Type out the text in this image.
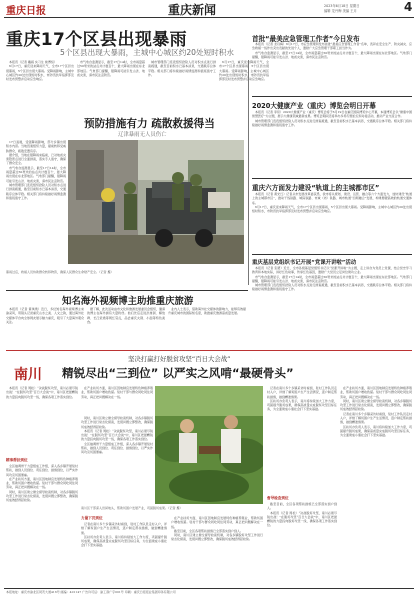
重庆日报	重庆新闻	2023年6月18日 星期日
编辑 龙丹梅 美编 王月	4
重庆17个区县出现暴雨
5个区县出现大暴雨，主城中心城区约20处短时积水

本报讯（记者 戴娟 实习生 姚博恒）

6月17日，重庆迎来降雨天气，全市17个区县出现暴雨，5个区县出现大暴雨。受降雨影响，主城中心城区约20处出现短时积水，市防汛抗旱指挥部及时发布预警并启动应急响应。

市气象台监测显示，截至17日14时，全市雨量超过50毫米的站点共计数百个，最大降雨出现在东北部地区。气象部门提醒，强降雨可能引发山洪、地质灾害，请市民注意防范。

城市管理部门连夜组织抢险人员对积水点进行排查疏通，截至目前积水已基本消退，交通秩序总体平稳。相关部门将持续做好雨情监测和值班值守工作。

6月17日，重庆迎来降雨天气，全市17个区县出现暴雨，5个区县出现大暴雨。受降雨影响，主城中心城区约20处出现短时积水，市防汛抗旱指挥部及时发布预警并启动应急响应。

预防措施有力 疏散救援得当
辽津暴雨无人员伤亡

17日凌晨，受强降雨影响，部分乡镇出现积水内涝。当地迅速组织力量，提前转移受威胁群众，疏散安置有序。

据介绍，当地在强降雨来临前，已对地质灾害隐患点进行全面排查，落实专人值守，确保了群众安全。

市气象台监测显示，截至17日14时，全市雨量超过50毫米的站点共计数百个，最大降雨出现在东北部地区。气象部门提醒，强降雨可能引发山洪、地质灾害，请市民注意防范。

城市管理部门连夜组织抢险人员对积水点进行排查疏通，截至目前积水已基本消退，交通秩序总体平稳。相关部门将持续做好雨情监测和值班值守工作。

暴雨过后，救援人员协助群众转移物资，确保人民群众生命财产安全。（记者 摄）
首批“最美应急管理工作者”今日发布

本报讯（记者 龙丹梅）6月17日，市应急管理局发布首批“最美应急管理工作者”名单，表彰在安全生产、防灾减灾、应急救援一线作出突出贡献的先进个人，激励广大应急管理干部职工担当作为。

市气象台监测显示，截至17日14时，全市雨量超过50毫米的站点共计数百个，最大降雨出现在东北部地区。气象部门提醒，强降雨可能引发山洪、地质灾害，请市民注意防范。

2020大健康产业（重庆）博览会明日开幕

本报讯（记者 李珩）2020大健康产业（重庆）博览会将于6月19日在重庆国际博览中心开幕，本届博览会以“健康中国 智慧医疗”为主题，展示大健康领域最新成果。博览会期间还将举办多场专题论坛和对接活动，推动产业交流合作。

城市管理部门连夜组织抢险人员对积水点进行排查疏通，截至目前积水已基本消退，交通秩序总体平稳。相关部门将持续做好雨情监测和值班值守工作。

重庆六方面发力建设“轨道上的主城都市区”

本报讯（记者 黄光红）记者从市发展改革委获悉，我市将从规划、建设、运营、融合等六个方面发力，加快建设“轨道上的主城都市区”，推动干线铁路、城际铁路、市域（郊）铁路、城市轨道“四网融合”发展，构建便捷高效的轨道交通体系。

6月17日，重庆迎来降雨天气，全市17个区县出现暴雨，5个区县出现大暴雨。受降雨影响，主城中心城区约20处出现短时积水，市防汛抗旱指挥部及时发布预警并启动应急响应。

重庆基层党组织书记开展“党课开讲啦”活动

本报讯（记者 张珺）近日，全市各级基层党组织书记以“党课开讲啦”为主题，走上讲台为党员上党课，结合党史学习教育和本地实际，讲好红色故事，传承红色基因，激励广大党员立足岗位建功立业。

市气象台监测显示，截至17日14时，全市雨量超过50毫米的站点共计数百个，最大降雨出现在东北部地区。气象部门提醒，强降雨可能引发山洪、地质灾害，请市民注意防范。

城市管理部门连夜组织抢险人员对积水点进行排查疏通，截至目前积水已基本消退，交通秩序总体平稳。相关部门将持续做好雨情监测和值班值守工作。

知名海外视频博主助推重庆旅游

本报讯（记者 黄琪奥）近日，多位知名海外视频博主来渝采风，用镜头记录重庆山水之美、人文之韵，通过海外社交媒体平台向全球网友展示魅力重庆，吸引了大量海外观众关注。

据了解，此次活动由市文化和旅游发展委员会组织，邀请的博主在海外拥有大量粉丝。他们先后走进洪崖洞、解放碑、长江索道等网红景点，品尝重庆火锅、小面等特色美食。

业内人士表示，借助海外社交媒体的影响力，能够有效提升重庆城市的国际知名度，助推重庆旅游高质量发展。

坚决打赢打好脱贫攻坚“百日大会战”
南川 精锐尽出“三到位” 以严实之风啃“最硬骨头”

本报讯（记者 周松）“决战脱贫攻坚，南川必须尽锐出战！”在脱贫攻坚“百日大会战”中，南川区把最精锐的力量投向脱贫攻坚一线，确保各项工作落实到位。

精准帮扶到位

全区抽调骨干力量组成工作组，深入各乡镇开展驻村帮扶，做到人员到位、责任到位、措施到位，以严实作风攻克贫困堡垒。

在产业扶贫方面，南川区因地制宜发展特色种植养殖业，帮助贫困户增收致富。驻村干部与群众同吃同住同劳动，真正把问题解决在一线。

同时，南川区建立健全督导检查机制，对各乡镇脱贫攻坚工作进行常态化督查，发现问题立即整改，确保脱贫成效经得起检验。

在产业扶贫方面，南川区因地制宜发展特色种植养殖业，帮助贫困户增收致富。驻村干部与群众同吃同住同劳动，真正把问题解决在一线。

同时，南川区建立健全督导检查机制，对各乡镇脱贫攻坚工作进行常态化督查，发现问题立即整改，确保脱贫成效经得起检验。

本报讯（记者 周松）“决战脱贫攻坚，南川必须尽锐出战！”在脱贫攻坚“百日大会战”中，南川区把最精锐的力量投向脱贫攻坚一线，确保各项工作落实到位。

全区抽调骨干力量组成工作组，深入各乡镇开展驻村帮扶，做到人员到位、责任到位、措施到位，以严实作风攻克贫困堡垒。

南川区干部深入田间地头，帮助贫困户发展产业，巩固脱贫成果。（记者 摄）
力量下沉到位

记者在南川多个乡镇采访时看到，驻村工作队员走村入户，详细了解贫困户生产生活情况，逐户制定帮扶措施，做到精准施策。

区扶贫办负责人表示，南川将持续加大工作力度，巩固提升脱贫成果，确保高质量完成脱贫攻坚目标任务，为全面建成小康社会打下坚实基础。

在产业扶贫方面，南川区因地制宜发展特色种植养殖业，帮助贫困户增收致富。驻村干部与群众同吃同住同劳动，真正把问题解决在一线。

截至目前，全区各项帮扶措施已全部落实到户到人。

同时，南川区建立健全督导检查机制，对各乡镇脱贫攻坚工作进行常态化督查，发现问题立即整改，确保脱贫成效经得起检验。

记者在南川多个乡镇采访时看到，驻村工作队员走村入户，详细了解贫困户生产生活情况，逐户制定帮扶措施，做到精准施策。

区扶贫办负责人表示，南川将持续加大工作力度，巩固提升脱贫成果，确保高质量完成脱贫攻坚目标任务，为全面建成小康社会打下坚实基础。

督导检查到位

截至目前，全区各项帮扶措施已全部落实到户到人。

本报讯（记者 周松）“决战脱贫攻坚，南川必须尽锐出战！”在脱贫攻坚“百日大会战”中，南川区把最精锐的力量投向脱贫攻坚一线，确保各项工作落实到位。

在产业扶贫方面，南川区因地制宜发展特色种植养殖业，帮助贫困户增收致富。驻村干部与群众同吃同住同劳动，真正把问题解决在一线。

同时，南川区建立健全督导检查机制，对各乡镇脱贫攻坚工作进行常态化督查，发现问题立即整改，确保脱贫成效经得起检验。

记者在南川多个乡镇采访时看到，驻村工作队员走村入户，详细了解贫困户生产生活情况，逐户制定帮扶措施，做到精准施策。

区扶贫办负责人表示，南川将持续加大工作力度，巩固提升脱贫成果，确保高质量完成脱贫攻坚目标任务，为全面建成小康社会打下坚实基础。

本报地址：重庆市渝北区同茂大道416号 邮编：401147 广告许可证：渝工商广字001号 印刷：重庆日报报业集团印务有限公司
